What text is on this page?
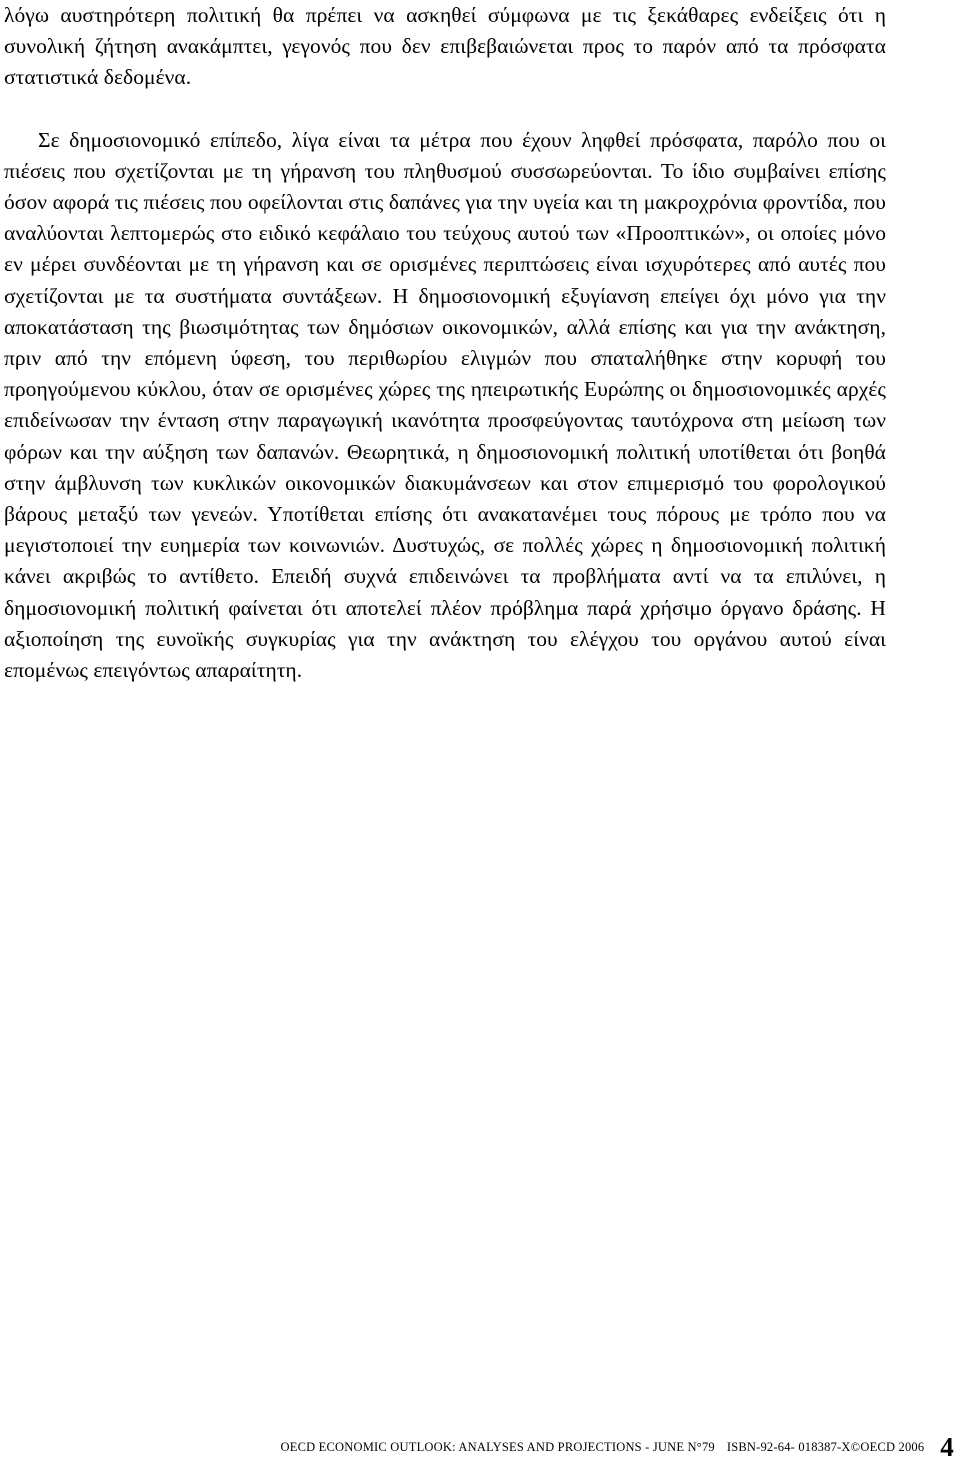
λόγω αυστηρότερη πολιτική θα πρέπει να ασκηθεί σύμφωνα με τις ξεκάθαρες ενδείξεις ότι η συνολική ζήτηση ανακάμπτει, γεγονός που δεν επιβεβαιώνεται προς το παρόν από τα πρόσφατα στατιστικά δεδομένα.

Σε δημοσιονομικό επίπεδο, λίγα είναι τα μέτρα που έχουν ληφθεί πρόσφατα, παρόλο που οι πιέσεις που σχετίζονται με τη γήρανση του πληθυσμού συσσωρεύονται. Το ίδιο συμβαίνει επίσης όσον αφορά τις πιέσεις που οφείλονται στις δαπάνες για την υγεία και τη μακροχρόνια φροντίδα, που αναλύονται λεπτομερώς στο ειδικό κεφάλαιο του τεύχους αυτού των «Προοπτικών», οι οποίες μόνο εν μέρει συνδέονται με τη γήρανση και σε ορισμένες περιπτώσεις είναι ισχυρότερες από αυτές που σχετίζονται με τα συστήματα συντάξεων. Η δημοσιονομική εξυγίανση επείγει όχι μόνο για την αποκατάσταση της βιωσιμότητας των δημόσιων οικονομικών, αλλά επίσης και για την ανάκτηση, πριν από την επόμενη ύφεση, του περιθωρίου ελιγμών που σπαταλήθηκε στην κορυφή του προηγούμενου κύκλου, όταν σε ορισμένες χώρες της ηπειρωτικής Ευρώπης οι δημοσιονομικές αρχές επιδείνωσαν την ένταση στην παραγωγική ικανότητα προσφεύγοντας ταυτόχρονα στη μείωση των φόρων και την αύξηση των δαπανών. Θεωρητικά, η δημοσιονομική πολιτική υποτίθεται ότι βοηθά στην άμβλυνση των κυκλικών οικονομικών διακυμάνσεων και στον επιμερισμό του φορολογικού βάρους μεταξύ των γενεών. Υποτίθεται επίσης ότι ανακατανέμει τους πόρους με τρόπο που να μεγιστοποιεί την ευημερία των κοινωνιών. Δυστυχώς, σε πολλές χώρες η δημοσιονομική πολιτική κάνει ακριβώς το αντίθετο. Επειδή συχνά επιδεινώνει τα προβλήματα αντί να τα επιλύνει, η δημοσιονομική πολιτική φαίνεται ότι αποτελεί πλέον πρόβλημα παρά χρήσιμο όργανο δράσης. Η αξιοποίηση της ευνοϊκής συγκυρίας για την ανάκτηση του ελέγχου του οργάνου αυτού είναι επομένως επειγόντως απαραίτητη.

OECD ECONOMIC OUTLOOK: ANALYSES AND PROJECTIONS - JUNE N°79 ISBN-92-64- 018387-X © OECD 2006 4
